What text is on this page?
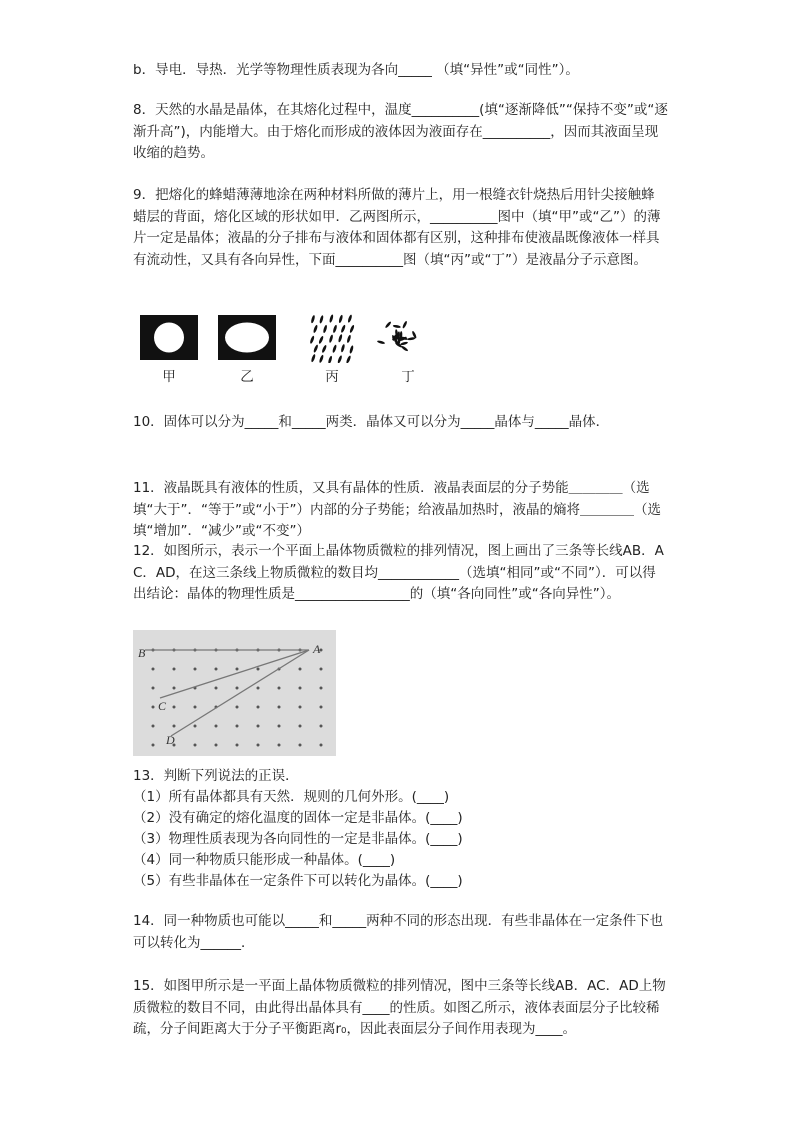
b．导电．导热．光学等物理性质表现为各向_____ （填“异性”或“同性”）。

8．天然的水晶是晶体，在其熔化过程中，温度__________(填“逐渐降低”“保持不变”或“逐渐升高”)，内能增大。由于熔化而形成的液体因为液面存在__________，因而其液面呈现收缩的趋势。

9．把熔化的蜂蜡薄薄地涂在两种材料所做的薄片上，用一根缝衣针烧热后用针尖接触蜂蜡层的背面，熔化区域的形状如甲．乙两图所示，__________图中（填“甲”或“乙”）的薄片一定是晶体；液晶的分子排布与液体和固体都有区别，这种排布使液晶既像液体一样具有流动性，又具有各向异性，下面__________图（填“丙”或“丁”）是液晶分子示意图。

甲	乙	丙	丁

10．固体可以分为_____和_____两类．晶体又可以分为_____晶体与_____晶体．

11．液晶既具有液体的性质，又具有晶体的性质．液晶表面层的分子势能＿＿＿＿（选填“大于”．“等于”或“小于”）内部的分子势能；给液晶加热时，液晶的熵将＿＿＿＿（选填“增加”．“减少”或“不变”）

12．如图所示，表示一个平面上晶体物质微粒的排列情况，图上画出了三条等长线AB．AC．AD，在这三条线上物质微粒的数目均____________（选填“相同”或“不同”）．可以得出结论：晶体的物理性质是_________________的（填“各向同性”或“各向异性”）。

A
B
C
D

13．判断下列说法的正误．

（1）所有晶体都具有天然．规则的几何外形。(____)

（2）没有确定的熔化温度的固体一定是非晶体。(____)

（3）物理性质表现为各向同性的一定是非晶体。(____)

（4）同一种物质只能形成一种晶体。(____)

（5）有些非晶体在一定条件下可以转化为晶体。(____)

14．同一种物质也可能以_____和_____两种不同的形态出现．有些非晶体在一定条件下也可以转化为______．

15．如图甲所示是一平面上晶体物质微粒的排列情况，图中三条等长线AB．AC．AD上物质微粒的数目不同，由此得出晶体具有____的性质。如图乙所示，液体表面层分子比较稀疏，分子间距离大于分子平衡距离r₀，因此表面层分子间作用表现为____。
